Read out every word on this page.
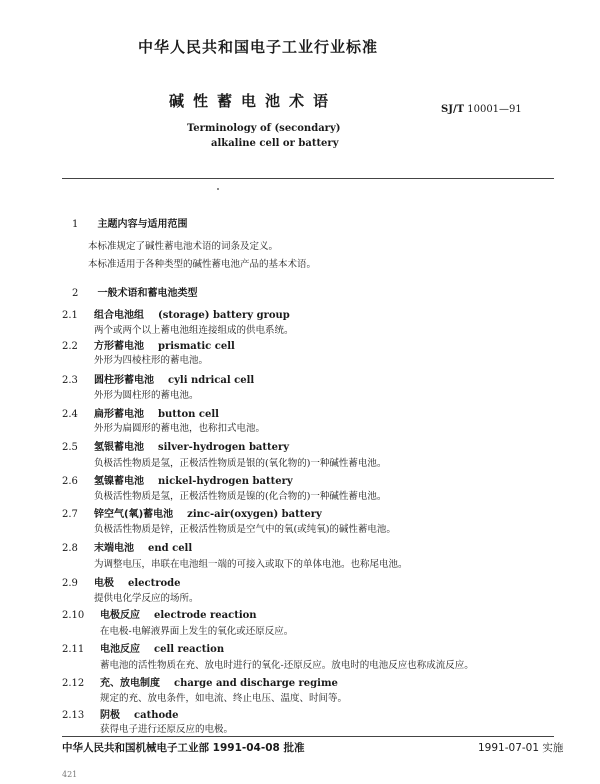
中华人民共和国电子工业行业标准
碱性蓄电池术语	SJ/T 10001—91
Terminology of (secondary)
alkaline cell or battery
1 主题内容与适用范围
本标准规定了碱性蓄电池术语的词条及定义。
本标准适用于各种类型的碱性蓄电池产品的基本术语。
2 一般术语和蓄电池类型
2.1 组合电池组 (storage) battery group
两个或两个以上蓄电池组连接组成的供电系统。
2.2 方形蓄电池 prismatic cell
外形为四棱柱形的蓄电池。
2.3 圆柱形蓄电池 cyli ndrical cell
外形为圆柱形的蓄电池。
2.4 扁形蓄电池 button cell
外形为扁圆形的蓄电池，也称扣式电池。
2.5 氢银蓄电池 silver-hydrogen battery
负极活性物质是氢，正极活性物质是银的(氧化物的)一种碱性蓄电池。
2.6 氢镍蓄电池 nickel-hydrogen battery
负极活性物质是氢，正极活性物质是镍的(化合物的)一种碱性蓄电池。
2.7 锌空气(氧)蓄电池 zinc-air(oxygen) battery
负极活性物质是锌，正极活性物质是空气中的氧(或纯氧)的碱性蓄电池。
2.8 末端电池 end cell
为调整电压，串联在电池组一端的可接入或取下的单体电池。也称尾电池。
2.9 电极 electrode
提供电化学反应的场所。
2.10 电极反应 electrode reaction
在电极-电解液界面上发生的氧化或还原反应。
2.11 电池反应 cell reaction
蓄电池的活性物质在充、放电时进行的氧化-还原反应。放电时的电池反应也称成流反应。
2.12 充、放电制度 charge and discharge regime
规定的充、放电条件，如电流、终止电压、温度、时间等。
2.13 阴极 cathode
获得电子进行还原反应的电极。
中华人民共和国机械电子工业部 1991-04-08 批准	1991-07-01 实施
421
